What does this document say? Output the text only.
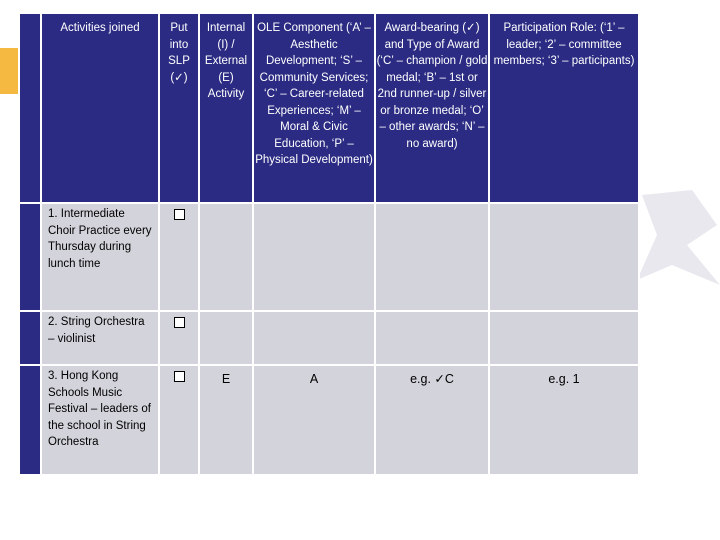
	Activities joined	Put into SLP (✓)	Internal (I) / External (E) Activity	OLE Component (‘A’ –Aesthetic Development; ‘S’ –Community Services; ‘C’ – Career-related Experiences; ‘M’ – Moral & Civic Education, ‘P’ – Physical Development)	Award-bearing (✓) and Type of Award (‘C’ – champion / gold medal; ‘B’ – 1st or 2nd runner-up / silver or bronze medal; ‘O’ – other awards; ‘N’ – no award)	Participation Role: (‘1’ – leader; ‘2’ – committee members; ‘3’ – participants)

	1. Intermediate Choir Practice every Thursday during lunch time					

	2. String Orchestra – violinist					

	3. Hong Kong Schools Music Festival – leaders of the school in String Orchestra		E	A	e.g. ✓C	e.g. 1
